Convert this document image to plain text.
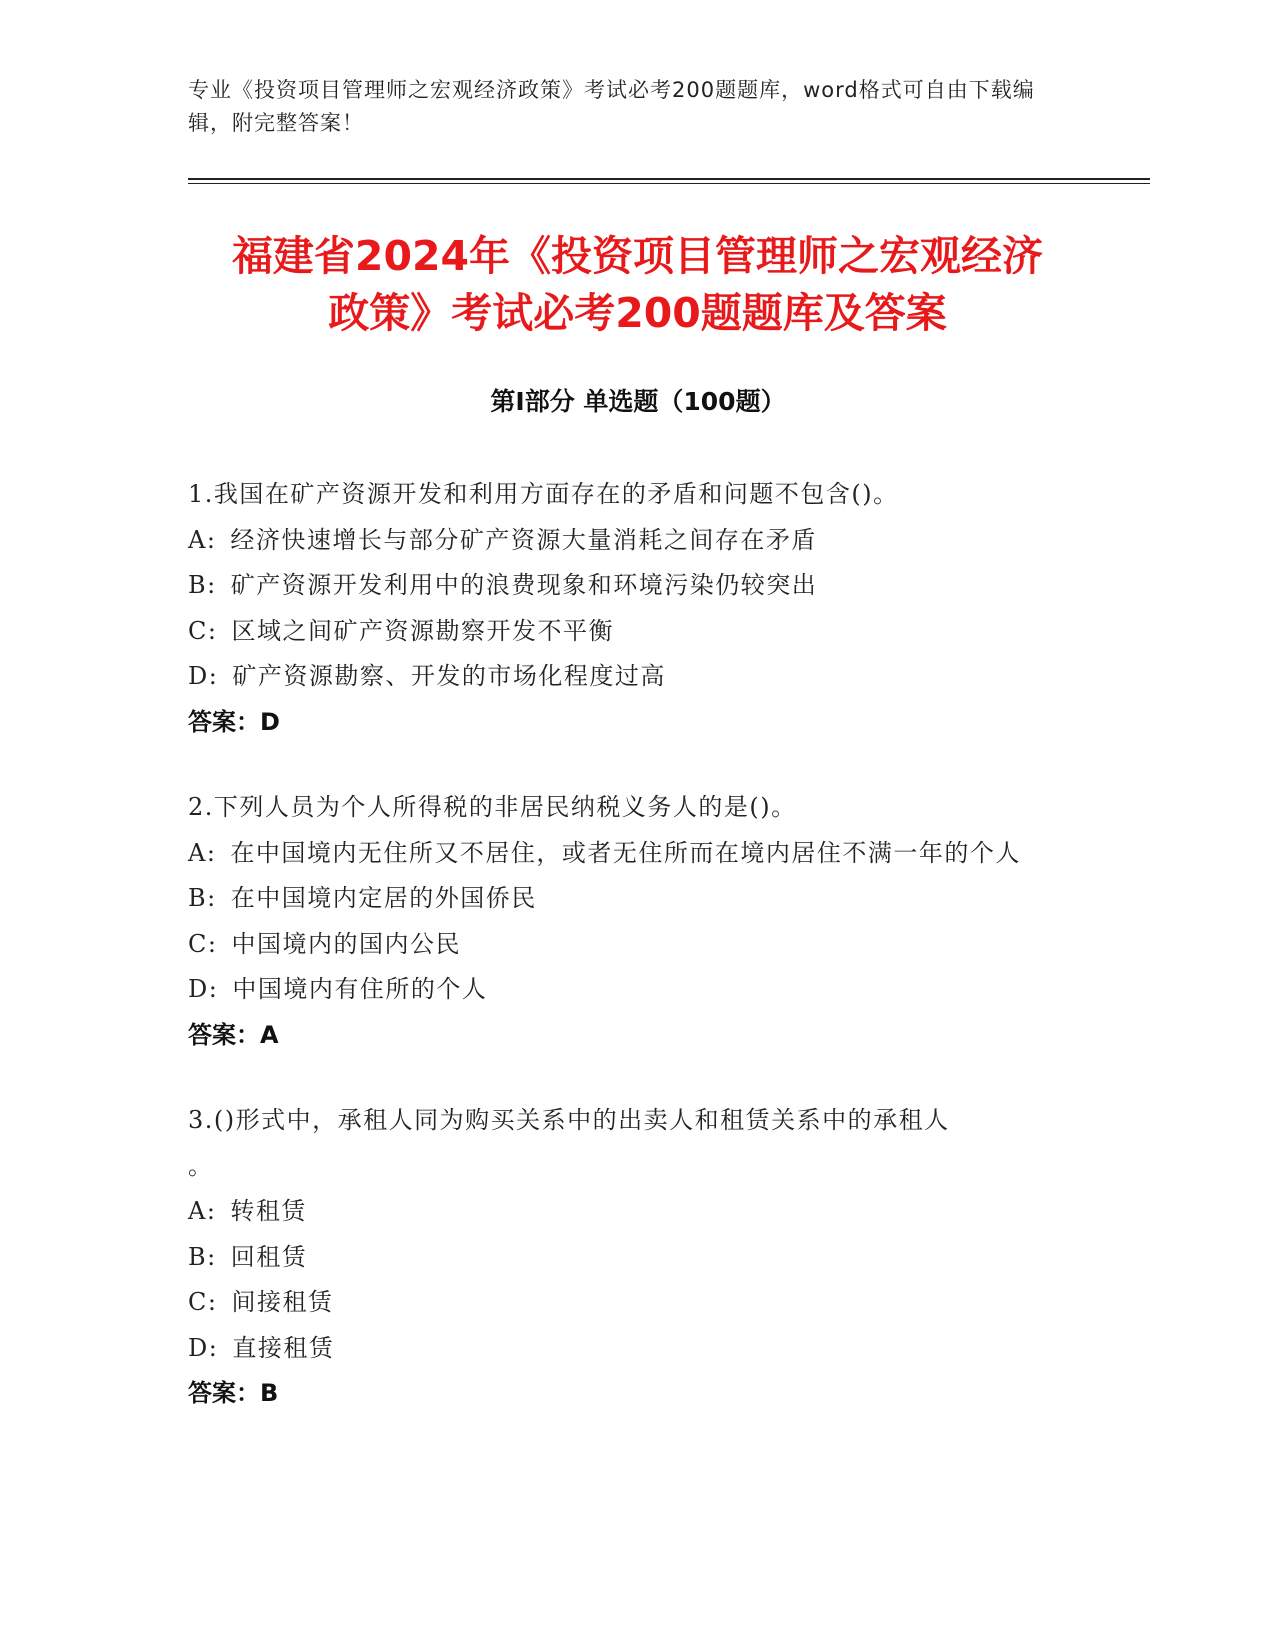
专业《投资项目管理师之宏观经济政策》考试必考200题题库，word格式可自由下载编辑，附完整答案！
福建省2024年《投资项目管理师之宏观经济
政策》考试必考200题题库及答案
第Ⅰ部分 单选题（100题）
1.我国在矿产资源开发和利用方面存在的矛盾和问题不包含()。
A: 经济快速增长与部分矿产资源大量消耗之间存在矛盾
B: 矿产资源开发利用中的浪费现象和环境污染仍较突出
C: 区域之间矿产资源勘察开发不平衡
D: 矿产资源勘察、开发的市场化程度过高
答案：D
2.下列人员为个人所得税的非居民纳税义务人的是()。
A: 在中国境内无住所又不居住，或者无住所而在境内居住不满一年的个人
B: 在中国境内定居的外国侨民
C: 中国境内的国内公民
D: 中国境内有住所的个人
答案：A
3.()形式中，承租人同为购买关系中的出卖人和租赁关系中的承租人
。
A: 转租赁
B: 回租赁
C: 间接租赁
D: 直接租赁
答案：B
